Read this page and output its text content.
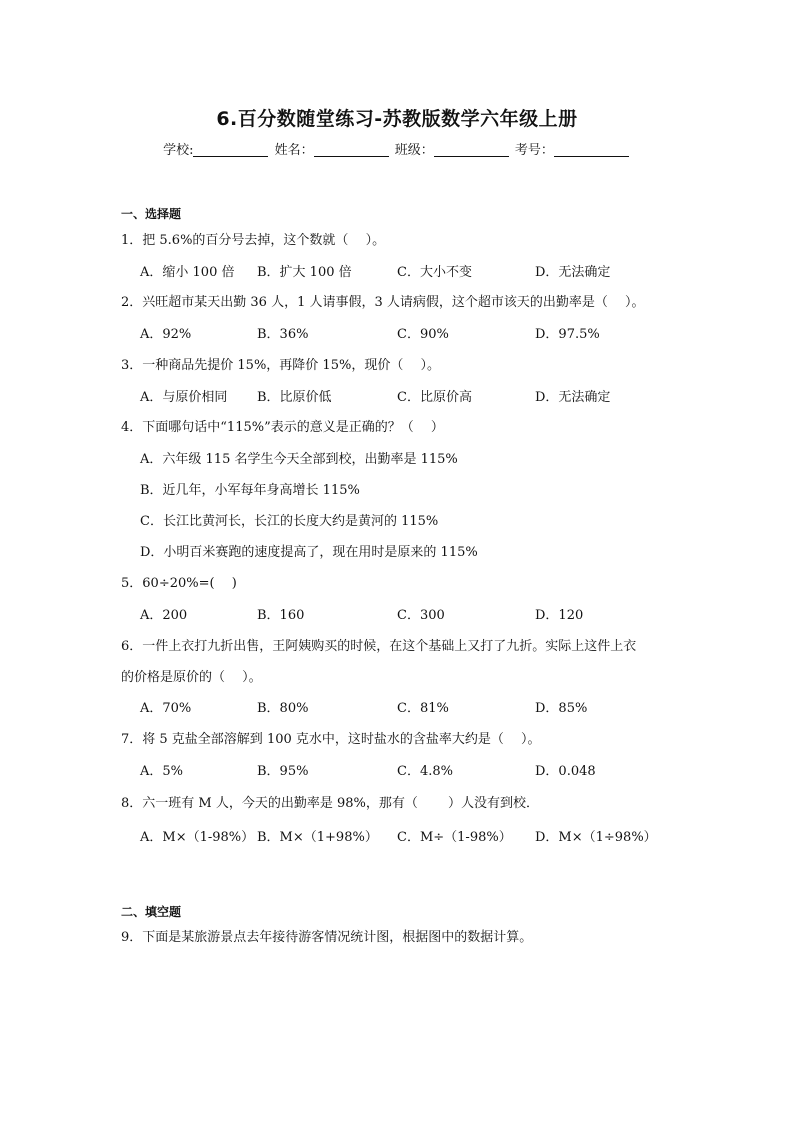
6.百分数随堂练习-苏教版数学六年级上册
学校:	姓名：	班级：	考号：
一、选择题
1．把 5.6%的百分号去掉，这个数就（　 ）。
A．缩小 100 倍 B．扩大 100 倍	C．大小不变	D．无法确定
2．兴旺超市某天出勤 36 人，1 人请事假，3 人请病假，这个超市该天的出勤率是（　 ）。
A．92%	B．36%	C．90%	D．97.5%
3．一种商品先提价 15%，再降价 15%，现价（　 ）。
A．与原价相同 B．比原价低	C．比原价高	D．无法确定
4．下面哪句话中“115%”表示的意义是正确的？（　 ）
A．六年级 115 名学生今天全部到校，出勤率是 115%
B．近几年，小军每年身高增长 115%
C．长江比黄河长，长江的长度大约是黄河的 115%
D．小明百米赛跑的速度提高了，现在用时是原来的 115%
5．60÷20%=(　 )
A．200	B．160	C．300	D．120
6．一件上衣打九折出售，王阿姨购买的时候，在这个基础上又打了九折。实际上这件上衣
的价格是原价的（　 ）。
A．70%	B．80%	C．81%	D．85%
7．将 5 克盐全部溶解到 100 克水中，这时盐水的含盐率大约是（　 ）。
A．5%	B．95%	C．4.8%	D．0.048
8．六一班有 M 人，今天的出勤率是 98%，那有（　　 ）人没有到校．
A．M×（1-98%） B．M×（1+98%） C．M÷（1-98%） D．M×（1÷98%）
二、填空题
9．下面是某旅游景点去年接待游客情况统计图，根据图中的数据计算。
